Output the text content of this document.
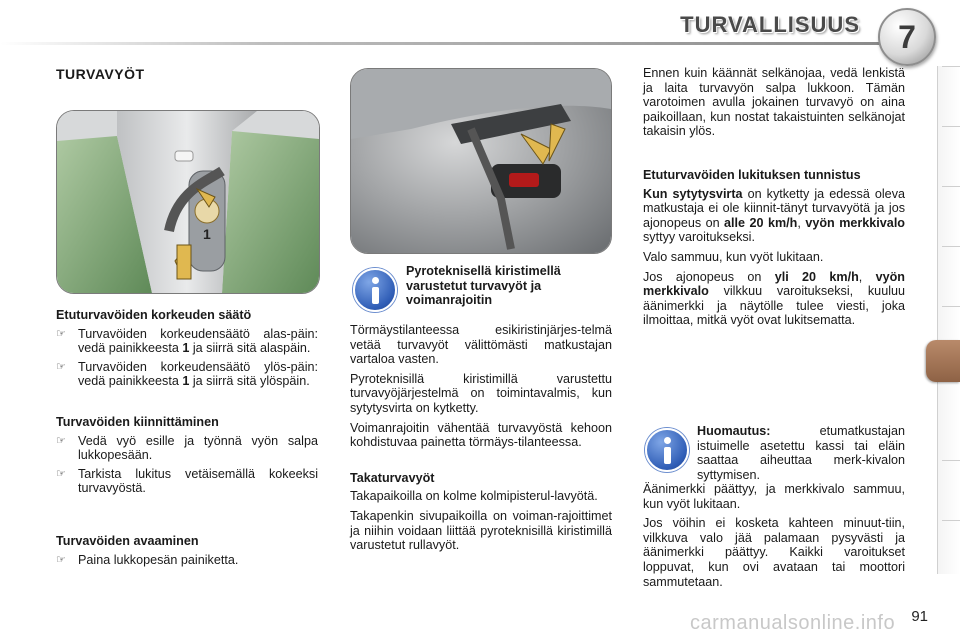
TURVALLISUUS	7
TURVAVYÖT
1
Etuturvavöiden korkeuden säätö
☞ Turvavöiden korkeudensäätö alas-päin: vedä painikkeesta 1 ja siirrä sitä alaspäin.
☞ Turvavöiden korkeudensäätö ylös-päin: vedä painikkeesta 1 ja siirrä sitä ylöspäin.
Turvavöiden kiinnittäminen
☞ Vedä vyö esille ja työnnä vyön salpa lukkopesään.
☞ Tarkista lukitus vetäisemällä kokeeksi turvavyöstä.
Turvavöiden avaaminen
☞ Paina lukkopesän painiketta.
Pyroteknisellä kiristimellä varustetut turvavyöt ja voimanrajoitin

Törmäystilanteessa esikiristinjärjes-telmä vetää turvavyöt välittömästi matkustajan vartaloa vasten.

Pyroteknisillä kiristimillä varustettu turvavyöjärjestelmä on toimintavalmis, kun sytytysvirta on kytketty.

Voimanrajoitin vähentää turvavyöstä kehoon kohdistuvaa painetta törmäys-tilanteessa.

Takaturvavyöt

Takapaikoilla on kolme kolmipisterul-lavyötä.

Takapenkin sivupaikoilla on voiman-rajoittimet ja niihin voidaan liittää pyroteknisillä kiristimillä varustetut rullavyöt.

Ennen kuin käännät selkänojaa, vedä lenkistä ja laita turvavyön salpa lukkoon. Tämän varotoimen avulla jokainen turvavyö on aina paikoillaan, kun nostat takaistuinten selkänojat takaisin ylös.

Etuturvavöiden lukituksen tunnistus

Kun sytytysvirta on kytketty ja edessä oleva matkustaja ei ole kiinnit-tänyt turvavyötä ja jos ajonopeus on alle 20 km/h, vyön merkkivalo syttyy varoitukseksi.

Valo sammuu, kun vyöt lukitaan.

Jos ajonopeus on yli 20 km/h, vyön merkkivalo vilkkuu varoitukseksi, kuuluu äänimerkki ja näytölle tulee viesti, joka ilmoittaa, mitkä vyöt ovat lukitsematta.

Huomautus: etumatkustajan istuimelle asetettu kassi tai eläin saattaa aiheuttaa merk-kivalon syttymisen.

Äänimerkki päättyy, ja merkkivalo sammuu, kun vyöt lukitaan.

Jos vöihin ei kosketa kahteen minuut-tiin, vilkkuva valo jää palamaan pysyvästi ja äänimerkki päättyy. Kaikki varoitukset loppuvat, kun ovi avataan tai moottori sammutetaan.

carmanualsonline.info 91
